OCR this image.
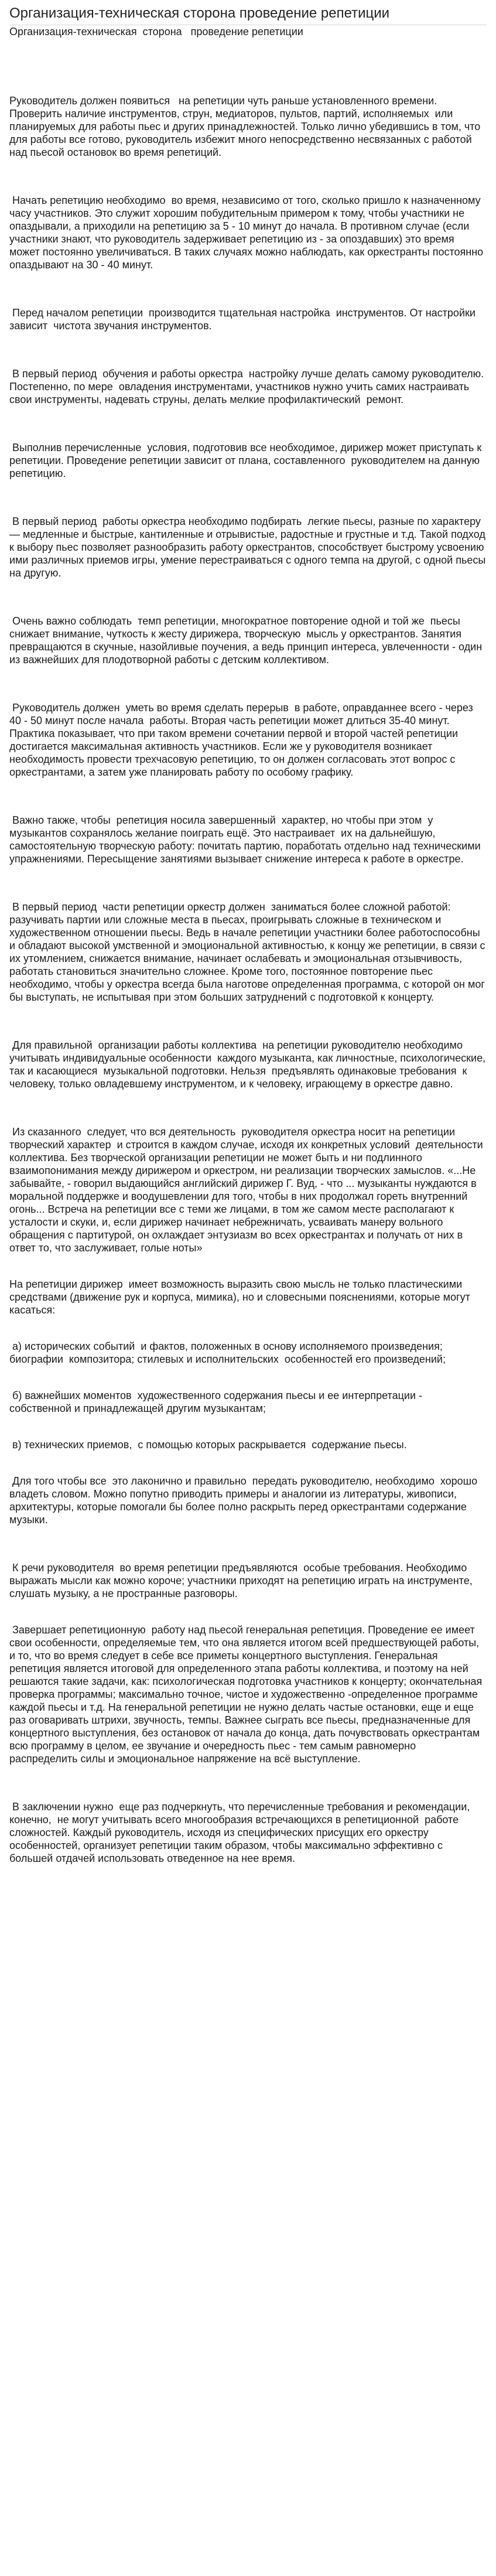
Организация-техническая сторона проведение репетиции

Организация-техническая  сторона   проведение репетиции

Руководитель должен появиться   на репетиции чуть раньше установленного времени. Проверить наличие инструментов, струн, медиаторов, пультов, партий, исполняемых  или планируемых для работы пьес и других принадлежностей. Только лично убедившись в том, что для работы все готово, руководитель избежит много непосредственно несвязанных с работой над пьесой остановок во время репетиций.

Начать репетицию необходимо  во время, независимо от того, сколько пришло к назначенному часу участников. Это служит хорошим побудительным примером к тому, чтобы участники не опаздывали, а приходили на репетицию за 5 - 10 минут до начала. В противном случае (если участники знают, что руководитель задерживает репетицию из - за опоздавших) это время может постоянно увеличиваться. В таких случаях можно наблюдать, как оркестранты постоянно опаздывают на 30 - 40 минут.

Перед началом репетиции  производится тщательная настройка  инструментов. От настройки зависит  чистота звучания инструментов.

В первый период  обучения и работы оркестра  настройку лучше делать самому руководителю. Постепенно, по мере  овладения инструментами, участников нужно учить самих настраивать  свои инструменты, надевать струны, делать мелкие профилактический  ремонт.

Выполнив перечисленные  условия, подготовив все необходимое, дирижер может приступать к  репетиции. Проведение репетиции зависит от плана, составленного  руководителем на данную репетицию.

В первый период  работы оркестра необходимо подбирать  легкие пьесы, разные по характеру — медленные и быстрые, кантиленные и отрывистые, радостные и грустные и т.д. Такой подход к выбору пьес позволяет разнообразить работу оркестрантов, способствует быстрому усвоению ими различных приемов игры, умение перестраиваться с одного темпа на другой, с одной пьесы на другую.

Очень важно соблюдать  темп репетиции, многократное повторение одной и той же  пьесы снижает внимание, чуткость к жесту дирижера, творческую  мысль у оркестрантов. Занятия превращаются в скучные, назойливые поучения, а ведь принцип интереса, увлеченности - один из важнейших для плодотворной работы с детским коллективом.

Руководитель должен  уметь во время сделать перерыв  в работе, оправданнее всего - через 40 - 50 минут после начала  работы. Вторая часть репетиции может длиться 35-40 минут. Практика показывает, что при таком времени сочетании первой и второй частей репетиции достигается максимальная активность участников. Если же у руководителя возникает необходимость провести трехчасовую репетицию, то он должен согласовать этот вопрос с оркестрантами, а затем уже планировать работу по особому графику.

Важно также, чтобы  репетиция носила завершенный  характер, но чтобы при этом  у музыкантов сохранялось желание поиграть ещё. Это настраивает  их на дальнейшую, самостоятельную творческую работу: почитать партию, поработать отдельно над техническими упражнениями. Пересыщение занятиями вызывает снижение интереса к работе в оркестре.

В первый период  части репетиции оркестр должен  заниматься более сложной работой: разучивать партии или сложные места в пьесах, проигрывать сложные в техническом и художественном отношении пьесы. Ведь в начале репетиции участники более работоспособны и обладают высокой умственной и эмоциональной активностью, к концу же репетиции, в связи с их утомлением, снижается внимание, начинает ослабевать и эмоциональная отзывчивость, работать становиться значительно сложнее. Кроме того, постоянное повторение пьес необходимо, чтобы у оркестра всегда была наготове определенная программа, с которой он мог бы выступать, не испытывая при этом больших затруднений с подготовкой к концерту.

Для правильной  организации работы коллектива  на репетиции руководителю необходимо  учитывать индивидуальные особенности  каждого музыканта, как личностные, психологические, так и касающиеся  музыкальной подготовки. Нельзя  предъявлять одинаковые требования  к человеку, только овладевшему инструментом, и к человеку, играющему в оркестре давно.

Из сказанного  следует, что вся деятельность  руководителя оркестра носит на репетиции творческий характер  и строится в каждом случае, исходя их конкретных условий  деятельности коллектива. Без творческой организации репетиции не может быть и ни подлинного взаимопонимания между дирижером и оркестром, ни реализации творческих замыслов. «...Не забывайте, - говорил выдающийся английский дирижер Г. Вуд, - что ... музыканты нуждаются в моральной поддержке и воодушевлении для того, чтобы в них продолжал гореть внутренний огонь... Встреча на репетиции все с теми же лицами, в том же самом месте располагают к усталости и скуки, и, если дирижер начинает небрежничать, усваивать манеру вольного обращения с партитурой, он охлаждает энтузиазм во всех оркестрантах и получать от них в ответ то, что заслуживает, голые ноты»

На репетиции дирижер  имеет возможность выразить свою мысль не только пластическими средствами (движение рук и корпуса, мимика), но и словесными пояснениями, которые могут касаться:

а) исторических событий  и фактов, положенных в основу исполняемого произведения; биографии  композитора; стилевых и исполнительских  особенностей его произведений;

б) важнейших моментов  художественного содержания пьесы и ее интерпретации - собственной и принадлежащей другим музыкантам;

в) технических приемов,  с помощью которых раскрывается  содержание пьесы.

Для того чтобы все  это лаконично и правильно  передать руководителю, необходимо  хорошо владеть словом. Можно попутно приводить примеры и аналогии из литературы, живописи, архитектуры, которые помогали бы более полно раскрыть перед оркестрантами содержание музыки.

К речи руководителя  во время репетиции предъявляются  особые требования. Необходимо выражать мысли как можно короче; участники приходят на репетицию играть на инструменте, слушать музыку, а не пространные разговоры.

Завершает репетиционную  работу над пьесой генеральная репетиция. Проведение ее имеет  свои особенности, определяемые тем, что она является итогом всей предшествующей работы, и то, что во время следует в себе все приметы концертного выступления. Генеральная репетиция является итоговой для определенного этапа работы коллектива, и поэтому на ней решаются такие задачи, как: психологическая подготовка участников к концерту; окончательная проверка программы; максимально точное, чистое и художественно -определенное программе каждой пьесы и т.д. На генеральной репетиции не нужно делать частые остановки, еще и еще раз оговаривать штрихи, звучность, темпы. Важнее сыграть все пьесы, предназначенные для концертного выступления, без остановок от начала до конца, дать почувствовать оркестрантам всю программу в целом, ее звучание и очередность пьес - тем самым равномерно распределить силы и эмоциональное напряжение на всё выступление.

В заключении нужно  еще раз подчеркнуть, что перечисленные требования и рекомендации, конечно,  не могут учитывать всего многообразия встречающихся в репетиционной  работе сложностей. Каждый руководитель, исходя из специфических присущих его оркестру особенностей, организует репетиции таким образом, чтобы максимально эффективно с большей отдачей использовать отведенное на нее время.
